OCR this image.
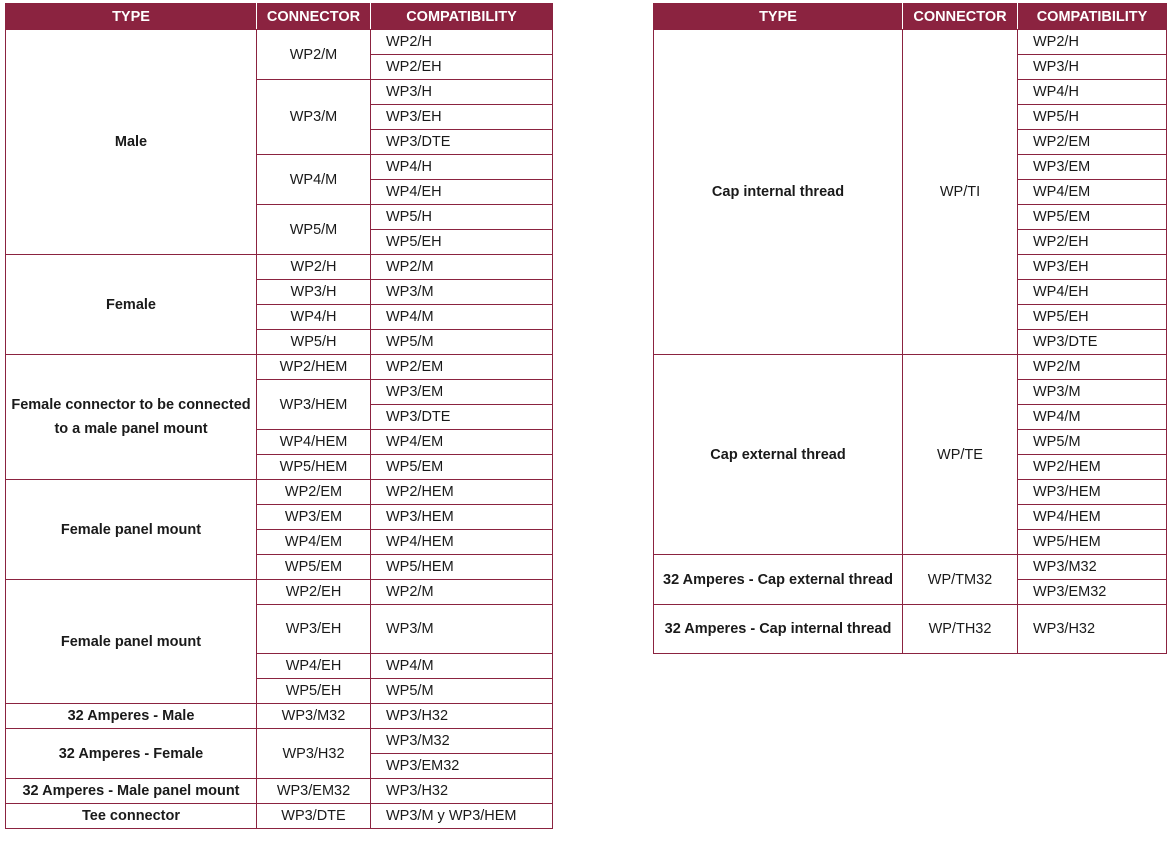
TYPE	CONNECTOR	COMPATIBILITY
Male	WP2/M	WP2/H
		WP2/EH
	WP3/M	WP3/H
		WP3/EH
		WP3/DTE
	WP4/M	WP4/H
		WP4/EH
	WP5/M	WP5/H
		WP5/EH
Female	WP2/H	WP2/M
	WP3/H	WP3/M
	WP4/H	WP4/M
	WP5/H	WP5/M
Female connector to be connected to a male panel mount	WP2/HEM	WP2/EM
	WP3/HEM	WP3/EM
		WP3/DTE
	WP4/HEM	WP4/EM
	WP5/HEM	WP5/EM
Female panel mount	WP2/EM	WP2/HEM
	WP3/EM	WP3/HEM
	WP4/EM	WP4/HEM
	WP5/EM	WP5/HEM
Female panel mount	WP2/EH	WP2/M
	WP3/EH	WP3/M
	WP4/EH	WP4/M
	WP5/EH	WP5/M
32 Amperes - Male	WP3/M32	WP3/H32
32 Amperes - Female	WP3/H32	WP3/M32
		WP3/EM32
32 Amperes - Male panel mount	WP3/EM32	WP3/H32
Tee connector	WP3/DTE	WP3/M y WP3/HEM
TYPE	CONNECTOR	COMPATIBILITY
Cap internal thread	WP/TI	WP2/H
		WP3/H
		WP4/H
		WP5/H
		WP2/EM
		WP3/EM
		WP4/EM
		WP5/EM
		WP2/EH
		WP3/EH
		WP4/EH
		WP5/EH
		WP3/DTE
Cap external thread	WP/TE	WP2/M
		WP3/M
		WP4/M
		WP5/M
		WP2/HEM
		WP3/HEM
		WP4/HEM
		WP5/HEM
32 Amperes - Cap external thread	WP/TM32	WP3/M32
		WP3/EM32
32 Amperes - Cap internal thread	WP/TH32	WP3/H32
